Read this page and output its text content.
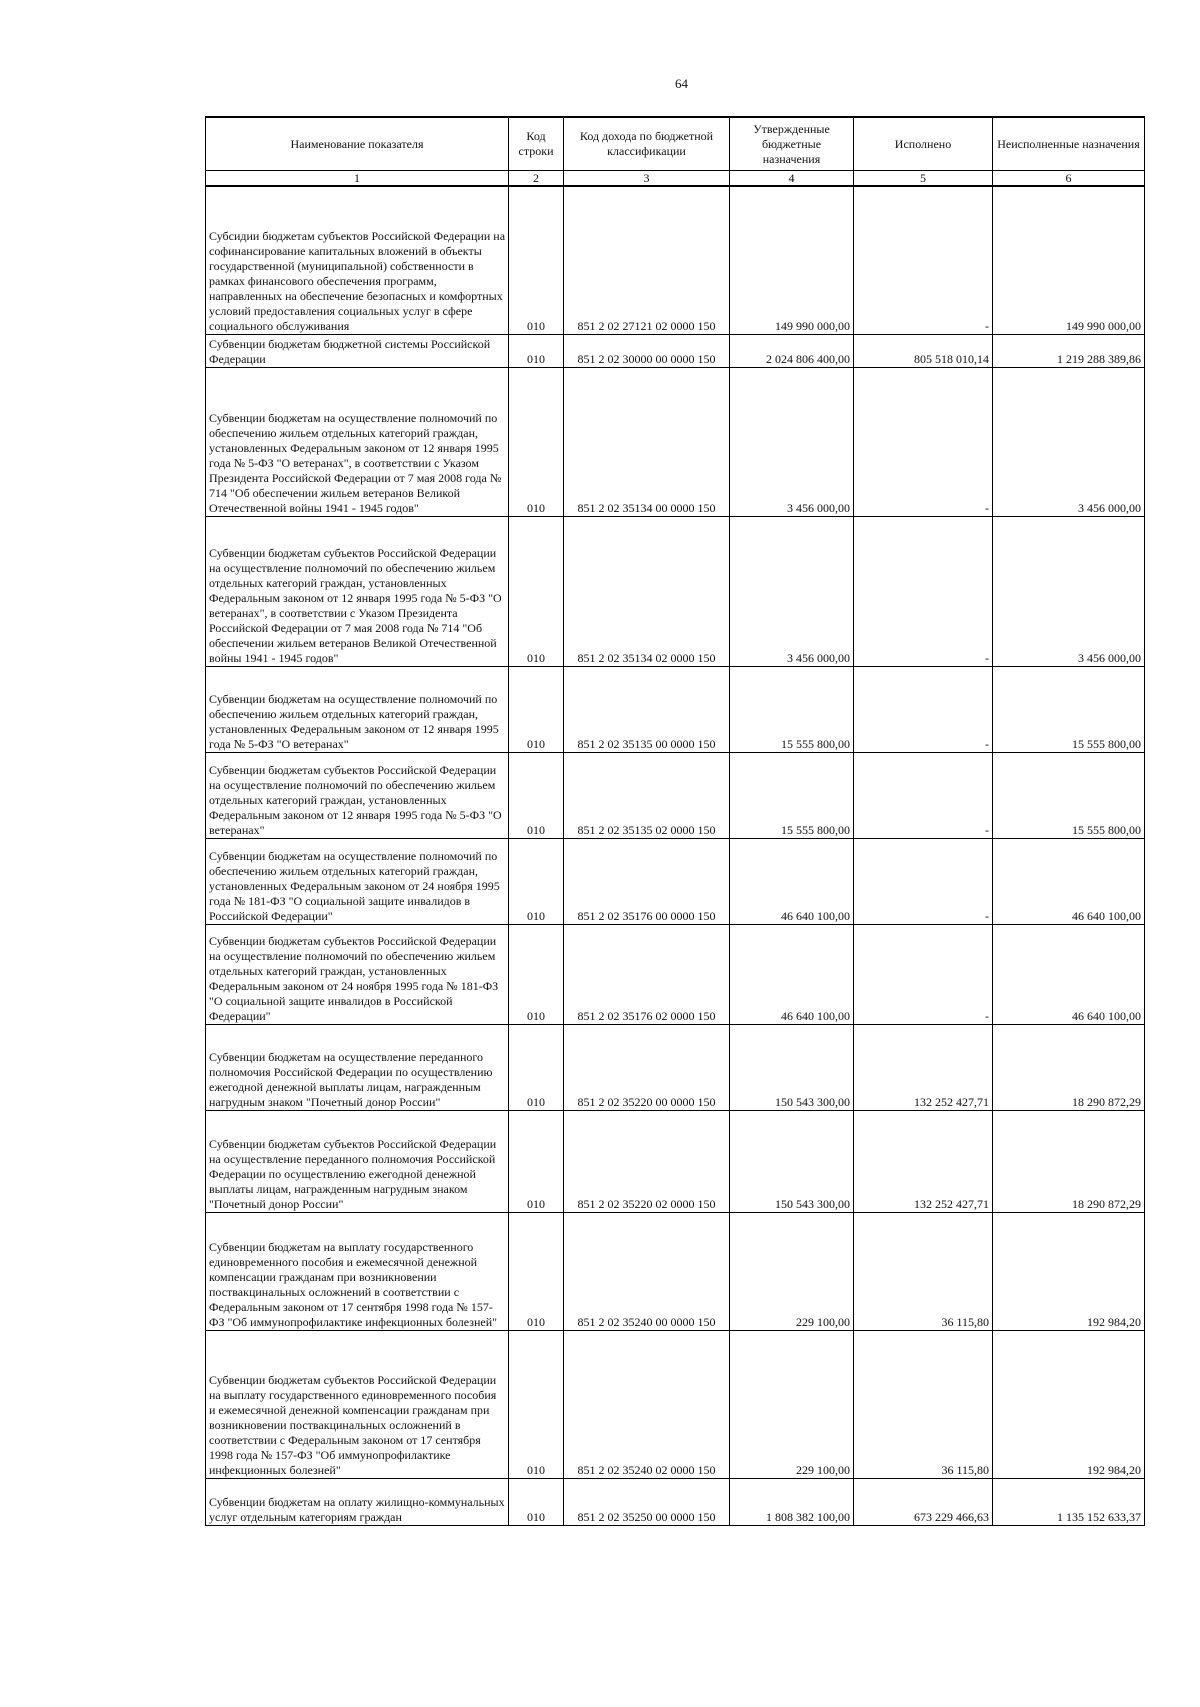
64
Наименование показателя	Код строки	Код дохода по бюджетной классификации	Утвержденные бюджетные назначения	Исполнено	Неисполненные назначения
1	2	3	4	5	6
Субсидии бюджетам субъектов Российской Федерации на софинансирование капитальных вложений в объекты государственной (муниципальной) собственности в рамках финансового обеспечения программ, направленных на обеспечение безопасных и комфортных условий предоставления социальных услуг в сфере социального обслуживания	010	851 2 02 27121 02 0000 150	149 990 000,00	-	149 990 000,00
Субвенции бюджетам бюджетной системы Российской Федерации	010	851 2 02 30000 00 0000 150	2 024 806 400,00	805 518 010,14	1 219 288 389,86
Субвенции бюджетам на осуществление полномочий по обеспечению жильем отдельных категорий граждан, установленных Федеральным законом от 12 января 1995 года № 5-ФЗ "О ветеранах", в соответствии с Указом Президента Российской Федерации от 7 мая 2008 года № 714 "Об обеспечении жильем ветеранов Великой Отечественной войны 1941 - 1945 годов"	010	851 2 02 35134 00 0000 150	3 456 000,00	-	3 456 000,00
Субвенции бюджетам субъектов Российской Федерации на осуществление полномочий по обеспечению жильем отдельных категорий граждан, установленных Федеральным законом от 12 января 1995 года № 5-ФЗ "О ветеранах", в соответствии с Указом Президента Российской Федерации от 7 мая 2008 года № 714 "Об обеспечении жильем ветеранов Великой Отечественной войны 1941 - 1945 годов"	010	851 2 02 35134 02 0000 150	3 456 000,00	-	3 456 000,00
Субвенции бюджетам на осуществление полномочий по обеспечению жильем отдельных категорий граждан, установленных Федеральным законом от 12 января 1995 года № 5-ФЗ "О ветеранах"	010	851 2 02 35135 00 0000 150	15 555 800,00	-	15 555 800,00
Субвенции бюджетам субъектов Российской Федерации на осуществление полномочий по обеспечению жильем отдельных категорий граждан, установленных Федеральным законом от 12 января 1995 года № 5-ФЗ "О ветеранах"	010	851 2 02 35135 02 0000 150	15 555 800,00	-	15 555 800,00
Субвенции бюджетам на осуществление полномочий по обеспечению жильем отдельных категорий граждан, установленных Федеральным законом от 24 ноября 1995 года № 181-ФЗ "О социальной защите инвалидов в Российской Федерации"	010	851 2 02 35176 00 0000 150	46 640 100,00	-	46 640 100,00
Субвенции бюджетам субъектов Российской Федерации на осуществление полномочий по обеспечению жильем отдельных категорий граждан, установленных Федеральным законом от 24 ноября 1995 года № 181-ФЗ "О социальной защите инвалидов в Российской Федерации"	010	851 2 02 35176 02 0000 150	46 640 100,00	-	46 640 100,00
Субвенции бюджетам на осуществление переданного полномочия Российской Федерации по осуществлению ежегодной денежной выплаты лицам, награжденным нагрудным знаком "Почетный донор России"	010	851 2 02 35220 00 0000 150	150 543 300,00	132 252 427,71	18 290 872,29
Субвенции бюджетам субъектов Российской Федерации на осуществление переданного полномочия Российской Федерации по осуществлению ежегодной денежной выплаты лицам, награжденным нагрудным знаком "Почетный донор России"	010	851 2 02 35220 02 0000 150	150 543 300,00	132 252 427,71	18 290 872,29
Субвенции бюджетам на выплату государственного единовременного пособия и ежемесячной денежной компенсации гражданам при возникновении поствакцинальных осложнений в соответствии с Федеральным законом от 17 сентября 1998 года № 157-ФЗ "Об иммунопрофилактике инфекционных болезней"	010	851 2 02 35240 00 0000 150	229 100,00	36 115,80	192 984,20
Субвенции бюджетам субъектов Российской Федерации на выплату государственного единовременного пособия и ежемесячной денежной компенсации гражданам при возникновении поствакцинальных осложнений в соответствии с Федеральным законом от 17 сентября 1998 года № 157-ФЗ "Об иммунопрофилактике инфекционных болезней"	010	851 2 02 35240 02 0000 150	229 100,00	36 115,80	192 984,20
Субвенции бюджетам на оплату жилищно-коммунальных услуг отдельным категориям граждан	010	851 2 02 35250 00 0000 150	1 808 382 100,00	673 229 466,63	1 135 152 633,37
